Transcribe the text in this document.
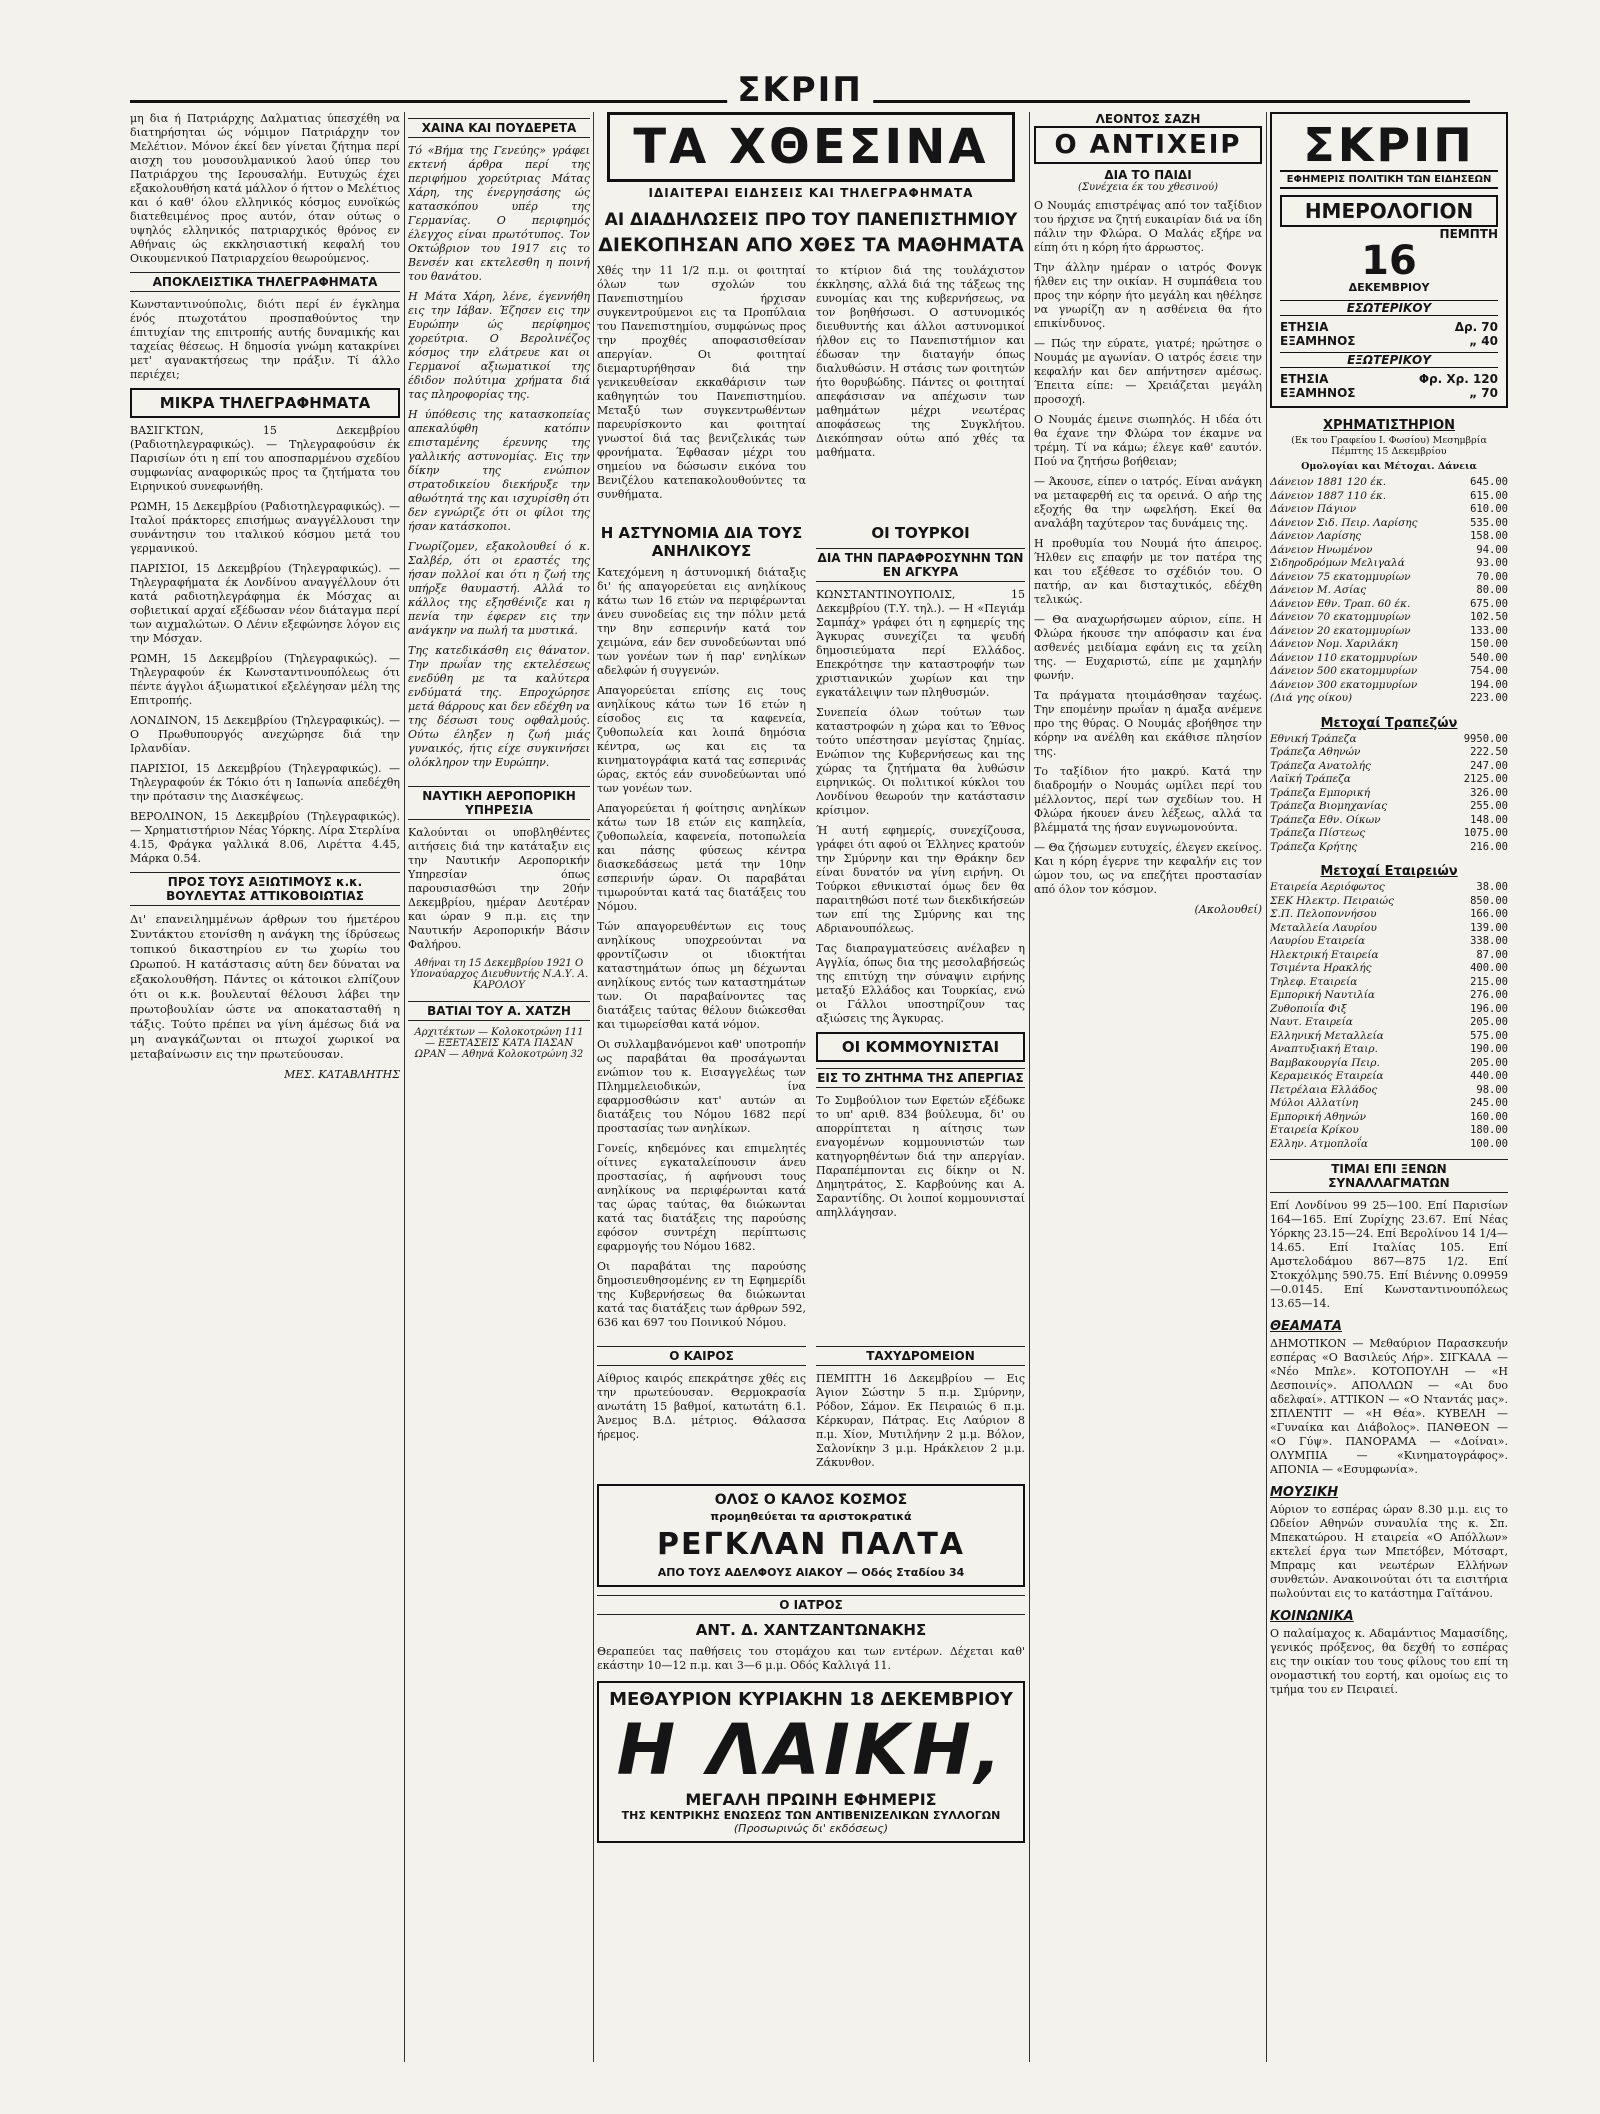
ΣΚΡΙΠ

μη δια ή Πατριάρχης Δαλματιας ύπεσχέθη να διατηρήσηται ώς νόμιμον Πατριάρχην τον Μελέτιον. Μόνον έκεί δεν γίνεται ζήτημα περί αισχη του μουσουλμανικού λαού ύπερ του Πατριάρχου της Ιερουσαλήμ. Ευτυχώς έχει εξακολουθήση κατά μάλλον ό ήττον ο Μελέτιος και ό καθ' όλου ελληνικός κόσμος ευνοϊκώς διατεθειμένος προς αυτόν, όταν ούτως ο υψηλός ελληνικός πατριαρχικός θρόνος εν Αθήναις ώς εκκλησιαστική κεφαλή του Οικουμενικού Πατριαρχείου θεωρούμενος.

ΑΠΟΚΛΕΙΣΤΙΚΑ ΤΗΛΕΓΡΑΦΗΜΑΤΑ

Κωνσταντινούπολις, διότι περί έν έγκλημα ένός πτωχοτάτου προσπαθούντος την έπιτυχίαν της επιτροπής αυτής δυναμικής και ταχείας θέσεως. Η δημοσία γνώμη κατακρίνει μετ' αγανακτήσεως την πράξιν. Τί άλλο περιέχει;

ΜΙΚΡΑ ΤΗΛΕΓΡΑΦΗΜΑΤΑ

ΒΑΣΙΓΚΤΩΝ, 15 Δεκεμβρίου (Ραδιοτηλεγραφικώς). — Τηλεγραφούσιν έκ Παρισίων ότι η επί του αποσπαρμένου σχεδίου συμφωνίας αναφορικώς προς τα ζητήματα του Ειρηνικού συνεφωνήθη.

ΡΩΜΗ, 15 Δεκεμβρίου (Ραδιοτηλεγραφικώς). — Ιταλοί πράκτορες επισήμως αναγγέλλουσι την συνάντησιν του ιταλικού κόσμου μετά του γερμανικού.

ΠΑΡΙΣΙΟΙ, 15 Δεκεμβρίου (Τηλεγραφικώς). — Τηλεγραφήματα έκ Λονδίνου αναγγέλλουν ότι κατά ραδιοτηλεγράφημα έκ Μόσχας αι σοβιετικαί αρχαί εξέδωσαν νέον διάταγμα περί των αιχμαλώτων. Ο Λένιν εξεφώνησε λόγον εις την Μόσχαν.

ΡΩΜΗ, 15 Δεκεμβρίου (Τηλεγραφικώς). — Τηλεγραφούν έκ Κωνσταντινουπόλεως ότι πέντε άγγλοι άξιωματικοί εξελέγησαν μέλη της Επιτροπής.

ΛΟΝΔΙΝΟΝ, 15 Δεκεμβρίου (Τηλεγραφικώς). — Ο Πρωθυπουργός ανεχώρησε διά την Ιρλανδίαν.

ΠΑΡΙΣΙΟΙ, 15 Δεκεμβρίου (Τηλεγραφικώς). — Τηλεγραφούν έκ Τόκιο ότι η Ιαπωνία απεδέχθη την πρότασιν της Διασκέψεως.

ΒΕΡΟΛΙΝΟΝ, 15 Δεκεμβρίου (Τηλεγραφικώς). — Χρηματιστήριον Νέας Υόρκης. Λίρα Στερλίνα 4.15, Φράγκα γαλλικά 8.06, Λιρέττα 4.45, Μάρκα 0.54.

ΠΡΟΣ ΤΟΥΣ ΑΞΙΩΤΙΜΟΥΣ κ.κ. ΒΟΥΛΕΥΤΑΣ ΑΤΤΙΚΟΒΟΙΩΤΙΑΣ

Δι' επανειλημμένων άρθρων του ήμετέρου Συντάκτου ετονίσθη η ανάγκη της ίδρύσεως τοπικού δικαστηρίου εν τω χωρίω του Ωρωπού. Η κατάστασις αύτη δεν δύναται να εξακολουθήση. Πάντες οι κάτοικοι ελπίζουν ότι οι κ.κ. βουλευταί θέλουσι λάβει την πρωτοβουλίαν ώστε να αποκατασταθή η τάξις. Τούτο πρέπει να γίνη άμέσως διά να μη αναγκάζωνται οι πτωχοί χωρικοί να μεταβαίνωσιν εις την πρωτεύουσαν.

ΜΕΣ. ΚΑΤΑΒΛΗΤΗΣ
ΧΑΙΝΑ ΚΑΙ ΠΟΥΔΕΡΕΤΑ

Τό «Βήμα της Γενεύης» γράφει εκτενή άρθρα περί της περιφήμου χορεύτριας Μάτας Χάρη, της ένεργησάσης ώς κατασκόπου υπέρ της Γερμανίας. Ο περιφημός έλεγχος είναι πρωτότυπος. Τον Οκτώβριον του 1917 εις το Βενσέν και εκτελεσθη η ποινή του θανάτου.

Η Μάτα Χάρη, λένε, έγεννήθη εις την Ιάβαν. Έζησεν εις την Ευρώπην ώς περίφημος χορεύτρια. Ο Βερολινέζος κόσμος την ελάτρευε και οι Γερμανοί αξιωματικοί της έδιδον πολύτιμα χρήματα διά τας πληροφορίας της.

Η ύπόθεσις της κατασκοπείας απεκαλύφθη κατόπιν επισταμένης έρευνης της γαλλικής αστυνομίας. Εις την δίκην της ενώπιον στρατοδικείου διεκήρυξε την αθωότητά της και ισχυρίσθη ότι δεν εγνώριζε ότι οι φίλοι της ήσαν κατάσκοποι.

Γνωρίζομεν, εξακολουθεί ό κ. Σαλβέρ, ότι οι εραστές της ήσαν πολλοί και ότι η ζωή της υπήρξε θαυμαστή. Αλλά το κάλλος της εξησθένιζε και η πενία την έφερεν εις την ανάγκην να πωλή τα μυστικά.

Της κατεδικάσθη εις θάνατον. Την πρωΐαν της εκτελέσεως ενεδύθη με τα καλύτερα ενδύματά της. Επροχώρησε μετά θάρρους και δεν εδέχθη να της δέσωσι τους οφθαλμούς. Ούτω έληξεν η ζωή μιάς γυναικός, ήτις είχε συγκινήσει ολόκληρον την Ευρώπην.

ΝΑΥΤΙΚΗ ΑΕΡΟΠΟΡΙΚΗ ΥΠΗΡΕΣΙΑ

Καλούνται οι υποβληθέντες αιτήσεις διά την κατάταξιν εις την Ναυτικήν Αεροπορικήν Υπηρεσίαν όπως παρουσιασθώσι την 20ήν Δεκεμβρίου, ημέραν Δευτέραν και ώραν 9 π.μ. εις την Ναυτικήν Αεροπορικήν Βάσιν Φαλήρου.

Αθήναι τη 15 Δεκεμβρίου 1921 Ο Υποναύαρχος Διευθυντής Ν.Α.Υ. Α. ΚΑΡΟΛΟΥ
ΒΑΤΙΑΙ ΤΟΥ Α. ΧΑΤΖΗ
Αρχιτέκτων — Κολοκοτρώνη 111 — ΕΞΕΤΑΣΕΙΣ ΚΑΤΑ ΠΑΣΑΝ ΩΡΑΝ — Αθηνά Κολοκοτρώνη 32
ΤΑ ΧΘΕΣΙΝΑ
ΙΔΙΑΙΤΕΡΑΙ ΕΙΔΗΣΕΙΣ ΚΑΙ ΤΗΛΕΓΡΑΦΗΜΑΤΑ
ΑΙ ΔΙΑΔΗΛΩΣΕΙΣ ΠΡΟ ΤΟΥ ΠΑΝΕΠΙΣΤΗΜΙΟΥ
ΔΙΕΚΟΠΗΣΑΝ ΑΠΟ ΧΘΕΣ ΤΑ ΜΑΘΗΜΑΤΑ

Χθές την 11 1/2 π.μ. οι φοιτηταί όλων των σχολών του Πανεπιστημίου ήρχισαν συγκεντρούμενοι εις τα Προπύλαια του Πανεπιστημίου, συμφώνως προς την προχθές αποφασισθείσαν απεργίαν. Οι φοιτηταί διεμαρτυρήθησαν διά την γενικευθείσαν εκκαθάρισιν των καθηγητών του Πανεπιστημίου. Μεταξύ των συγκεντρωθέντων παρευρίσκοντο και φοιτηταί γνωστοί διά τας βενιζελικάς των φρονήματα. Έφθασαν μέχρι του σημείου να δώσωσιν εικόνα του Βενιζέλου κατεπακολουθούντες τα συνθήματα.

το κτίριον διά της τουλάχιστον έκκλησης, αλλά διά της τάξεως της ευνομίας και της κυβερνήσεως, να τον βοηθήσωσι. Ο αστυνομικός διευθυντής και άλλοι αστυνομικοί ήλθον εις το Πανεπιστήμιον και έδωσαν την διαταγήν όπως διαλυθώσιν. Η στάσις των φοιτητών ήτο θορυβώδης. Πάντες οι φοιτηταί απεφάσισαν να απέχωσιν των μαθημάτων μέχρι νεωτέρας αποφάσεως της Συγκλήτου. Διεκόπησαν ούτω από χθές τα μαθήματα.

Η ΑΣΤΥΝΟΜΙΑ ΔΙΑ ΤΟΥΣ ΑΝΗΛΙΚΟΥΣ

Κατεχόμενη η άστυνομική διάταξις δι' ής απαγορεύεται εις ανηλίκους κάτω των 16 ετών να περιφέρωνται άνευ συνοδείας εις την πόλιν μετά την 8ην εσπερινήν κατά τον χειμώνα, εάν δεν συνοδεύωνται υπό των γονέων των ή παρ' ενηλίκων αδελφών ή συγγενών.

Απαγορεύεται επίσης εις τους ανηλίκους κάτω των 16 ετών η είσοδος εις τα καφενεία, ζυθοπωλεία και λοιπά δημόσια κέντρα, ως και εις τα κινηματογράφια κατά τας εσπερινάς ώρας, εκτός εάν συνοδεύωνται υπό των γονέων των.

Απαγορεύεται ή φοίτησις ανηλίκων κάτω των 18 ετών εις καπηλεία, ζυθοπωλεία, καφενεία, ποτοπωλεία και πάσης φύσεως κέντρα διασκεδάσεως μετά την 10ην εσπερινήν ώραν. Οι παραβάται τιμωρούνται κατά τας διατάξεις του Νόμου.

Τών απαγορευθέντων εις τους ανηλίκους υποχρεούνται να φροντίζωσιν οι ιδιοκτήται καταστημάτων όπως μη δέχωνται ανηλίκους εντός των καταστημάτων των. Οι παραβαίνοντες τας διατάξεις ταύτας θέλουν διώκεσθαι και τιμωρείσθαι κατά νόμον.

Οι συλλαμβανόμενοι καθ' υποτροπήν ως παραβάται θα προσάγωνται ενώπιον του κ. Εισαγγελέως των Πλημμελειοδικών, ίνα εφαρμοσθώσιν κατ' αυτών αι διατάξεις του Νόμου 1682 περί προστασίας των ανηλίκων.

Γονείς, κηδεμόνες και επιμελητές οίτινες εγκαταλείπουσιν άνευ προστασίας, ή αφήνουσι τους ανηλίκους να περιφέρωνται κατά τας ώρας ταύτας, θα διώκωνται κατά τας διατάξεις της παρούσης εφόσον συντρέχη περίπτωσις εφαρμογής του Νόμου 1682.

Οι παραβάται της παρούσης δημοσιευθησομένης εν τη Εφημερίδι της Κυβερνήσεως θα διώκωνται κατά τας διατάξεις των άρθρων 592, 636 και 697 του Ποινικού Νόμου.

ΟΙ ΤΟΥΡΚΟΙ
ΔΙΑ ΤΗΝ ΠΑΡΑΦΡΟΣΥΝΗΝ ΤΩΝ ΕΝ ΑΓΚΥΡΑ

ΚΩΝΣΤΑΝΤΙΝΟΥΠΟΛΙΣ, 15 Δεκεμβρίου (Τ.Υ. τηλ.). — Η «Πεγιάμ Σαμπάχ» γράφει ότι η εφημερίς της Άγκυρας συνεχίζει τα ψευδή δημοσιεύματα περί Ελλάδος. Επεκρότησε την καταστροφήν των χριστιανικών χωρίων και την εγκατάλειψιν των πληθυσμών.

Συνεπεία όλων τούτων των καταστροφών η χώρα και το Έθνος τούτο υπέστησαν μεγίστας ζημίας. Ενώπιον της Κυβερνήσεως και της χώρας τα ζητήματα θα λυθώσιν ειρηνικώς. Οι πολιτικοί κύκλοι του Λονδίνου θεωρούν την κατάστασιν κρίσιμον.

Ή αυτή εφημερίς, συνεχίζουσα, γράφει ότι αφού οι Έλληνες κρατούν την Σμύρνην και την Θράκην δεν είναι δυνατόν να γίνη ειρήνη. Οι Τούρκοι εθνικισταί όμως δεν θα παραιτηθώσι ποτέ των διεκδικήσεών των επί της Σμύρνης και της Αδριανουπόλεως.

Τας διαπραγματεύσεις ανέλαβεν η Αγγλία, όπως δια της μεσολαβήσεώς της επιτύχη την σύναψιν ειρήνης μεταξύ Ελλάδος και Τουρκίας, ενώ οι Γάλλοι υποστηρίζουν τας αξιώσεις της Άγκυρας.

ΟΙ ΚΟΜΜΟΥΝΙΣΤΑΙ
ΕΙΣ ΤΟ ΖΗΤΗΜΑ ΤΗΣ ΑΠΕΡΓΙΑΣ

Το Συμβούλιον των Εφετών εξέδωκε το υπ' αριθ. 834 βούλευμα, δι' ου απορρίπτεται η αίτησις των εναγομένων κομμουνιστών των κατηγορηθέντων διά την απεργίαν. Παραπέμπονται εις δίκην οι Ν. Δημητράτος, Σ. Καρβούνης και Α. Σαραντίδης. Οι λοιποί κομμουνισταί απηλλάγησαν.

Ο ΚΑΙΡΟΣ

Αίθριος καιρός επεκράτησε χθές εις την πρωτεύουσαν. Θερμοκρασία ανωτάτη 15 βαθμοί, κατωτάτη 6.1. Άνεμος Β.Δ. μέτριος. Θάλασσα ήρεμος.

ΤΑΧΥΔΡΟΜΕΙΟΝ

ΠΕΜΠΤΗ 16 Δεκεμβρίου — Εις Άγιον Σώστην 5 π.μ. Σμύρνην, Ρόδον, Σάμον. Εκ Πειραιώς 6 π.μ. Κέρκυραν, Πάτρας. Εις Λαύριον 8 π.μ. Χίον, Μυτιλήνην 2 μ.μ. Βόλον, Σαλονίκην 3 μ.μ. Ηράκλειον 2 μ.μ. Ζάκυνθον.

ΟΛΟΣ Ο ΚΑΛΟΣ ΚΟΣΜΟΣ
προμηθεύεται τα αριστοκρατικά
ΡΕΓΚΛΑΝ ΠΑΛΤΑ
ΑΠΟ ΤΟΥΣ ΑΔΕΛΦΟΥΣ ΑΙΑΚΟΥ — Οδός Σταδίου 34
Ο ΙΑΤΡΟΣ
ΑΝΤ. Δ. ΧΑΝΤΖΑΝΤΩΝΑΚΗΣ

Θεραπεύει τας παθήσεις του στομάχου και των εντέρων. Δέχεται καθ' εκάστην 10—12 π.μ. και 3—6 μ.μ. Οδός Καλλιγά 11.

ΜΕΘΑΥΡΙΟΝ ΚΥΡΙΑΚΗΝ 18 ΔΕΚΕΜΒΡΙΟΥ
Η ΛΑΙΚΗ,
ΜΕΓΑΛΗ ΠΡΩΙΝΗ ΕΦΗΜΕΡΙΣ
ΤΗΣ ΚΕΝΤΡΙΚΗΣ ΕΝΩΣΕΩΣ ΤΩΝ ΑΝΤΙΒΕΝΙΖΕΛΙΚΩΝ ΣΥΛΛΟΓΩΝ
(Προσωρινώς δι' εκδόσεως)
ΛΕΟΝΤΟΣ ΣΑΖΗ
Ο ΑΝΤΙΧΕΙΡ
ΔΙΑ ΤΟ ΠΑΙΔΙ
(Συνέχεια έκ του χθεσινού)

Ο Νουμάς επιστρέψας από τον ταξίδιον του ήρχισε να ζητή ευκαιρίαν διά να ίδη πάλιν την Φλώρα. Ο Μαλάς εξήρε να είπη ότι η κόρη ήτο άρρωστος.

Την άλλην ημέραν ο ιατρός Φονγκ ήλθεν εις την οικίαν. Η συμπάθεια του προς την κόρην ήτο μεγάλη και ηθέλησε να γνωρίζη αν η ασθένεια θα ήτο επικίνδυνος.

— Πώς την εύρατε, γιατρέ; ηρώτησε ο Νουμάς με αγωνίαν. Ο ιατρός έσειε την κεφαλήν και δεν απήντησεν αμέσως. Έπειτα είπε: — Χρειάζεται μεγάλη προσοχή.

Ο Νουμάς έμεινε σιωπηλός. Η ιδέα ότι θα έχανε την Φλώρα τον έκαμνε να τρέμη. Τί να κάμω; έλεγε καθ' εαυτόν. Πού να ζητήσω βοήθειαν;

— Άκουσε, είπεν ο ιατρός. Είναι ανάγκη να μεταφερθή εις τα ορεινά. Ο αήρ της εξοχής θα την ωφελήση. Εκεί θα αναλάβη ταχύτερον τας δυνάμεις της.

Η προθυμία του Νουμά ήτο άπειρος. Ήλθεν εις επαφήν με τον πατέρα της και του εξέθεσε το σχέδιόν του. Ο πατήρ, αν και δισταχτικός, εδέχθη τελικώς.

— Θα αναχωρήσωμεν αύριον, είπε. Η Φλώρα ήκουσε την απόφασιν και ένα ασθενές μειδίαμα εφάνη εις τα χείλη της. — Ευχαριστώ, είπε με χαμηλήν φωνήν.

Τα πράγματα ητοιμάσθησαν ταχέως. Την επομένην πρωΐαν η άμαξα ανέμενε προ της θύρας. Ο Νουμάς εβοήθησε την κόρην να ανέλθη και εκάθισε πλησίον της.

Το ταξίδιον ήτο μακρύ. Κατά την διαδρομήν ο Νουμάς ωμίλει περί του μέλλοντος, περί των σχεδίων του. Η Φλώρα ήκουεν άνευ λέξεως, αλλά τα βλέμματά της ήσαν ευγνωμονούντα.

— Θα ζήσωμεν ευτυχείς, έλεγεν εκείνος. Και η κόρη έγερνε την κεφαλήν εις τον ώμον του, ως να επεζήτει προστασίαν από όλον τον κόσμον.

(Ακολουθεί)
ΣΚΡΙΠ
ΕΦΗΜΕΡΙΣ ΠΟΛΙΤΙΚΗ ΤΩΝ ΕΙΔΗΣΕΩΝ
ΗΜΕΡΟΛΟΓΙΟΝ
ΠΕΜΠΤΗ
16
ΔΕΚΕΜΒΡΙΟΥ
ΕΣΩΤΕΡΙΚΟΥ
ΕΤΗΣΙΑ	Δρ. 70
ΕΞΑΜΗΝΟΣ	„ 40
ΕΞΩΤΕΡΙΚΟΥ
ΕΤΗΣΙΑ	Φρ. Χρ. 120
ΕΞΑΜΗΝΟΣ	„ 70
ΧΡΗΜΑΤΙΣΤΗΡΙΟΝ
(Εκ του Γραφείου Ι. Φωσίου) Μεσημβρία Πέμπτης 15 Δεκεμβρίου
Ομολογίαι και Μέτοχαι. Δάνεια
Δάνειον 1881 120 έκ.	645.00
Δάνειον 1887 110 έκ.	615.00
Δάνειον Πάγιον	610.00
Δάνειον Σιδ. Πειρ. Λαρίσης	535.00
Δάνειον Λαρίσης	158.00
Δάνειον Ηνωμένον	94.00
Σιδηροδρόμων Μελιγαλά	93.00
Δάνειον 75 εκατομμυρίων	70.00
Δάνειον Μ. Ασίας	80.00
Δάνειον Εθν. Τραπ. 60 έκ.	675.00
Δάνειον 70 εκατομμυρίων	102.50
Δάνειον 20 εκατομμυρίων	133.00
Δάνειον Νομ. Χαριλάκη	150.00
Δάνειον 110 εκατομμυρίων	540.00
Δάνειον 500 εκατομμυρίων	754.00
Δάνειον 300 εκατομμυρίων	194.00
(Διά γης οίκου)	223.00
Μετοχαί Τραπεζών
Εθνική Τράπεζα	9950.00
Τράπεζα Αθηνών	222.50
Τράπεζα Ανατολής	247.00
Λαϊκή Τράπεζα	2125.00
Τράπεζα Εμπορική	326.00
Τράπεζα Βιομηχανίας	255.00
Τράπεζα Εθν. Οίκων	148.00
Τράπεζα Πίστεως	1075.00
Τράπεζα Κρήτης	216.00
Μετοχαί Εταιρειών
Εταιρεία Αεριόφωτος	38.00
ΣΕΚ Ηλεκτρ. Πειραιώς	850.00
Σ.Π. Πελοποννήσου	166.00
Μεταλλεία Λαυρίου	139.00
Λαυρίου Εταιρεία	338.00
Ηλεκτρική Εταιρεία	87.00
Τσιμέντα Ηρακλής	400.00
Τηλεφ. Εταιρεία	215.00
Εμπορική Ναυτιλία	276.00
Ζυθοποιΐα Φιξ	196.00
Ναυτ. Εταιρεία	205.00
Ελληνική Μεταλλεία	575.00
Αναπτυξιακή Εταιρ.	190.00
Βαμβακουργία Πειρ.	205.00
Κεραμεικός Εταιρεία	440.00
Πετρέλαια Ελλάδος	98.00
Μύλοι Αλλατίνη	245.00
Εμπορική Αθηνών	160.00
Εταιρεία Κρίκου	180.00
Ελλην. Ατμοπλοΐα	100.00
ΤΙΜΑΙ ΕΠΙ ΞΕΝΩΝ ΣΥΝΑΛΛΑΓΜΑΤΩΝ

Επί Λονδίνου 99 25—100. Επί Παρισίων 164—165. Επί Ζυρίχης 23.67. Επί Νέας Υόρκης 23.15—24. Επί Βερολίνου 14 1/4—14.65. Επί Ιταλίας 105. Επί Αμστελοδάμου 867—875 1/2. Επί Στοκχόλμης 590.75. Επί Βιέννης 0.09959—0.0145. Επί Κωνσταντινουπόλεως 13.65—14.

ΘΕΑΜΑΤΑ

ΔΗΜΟΤΙΚΟΝ — Μεθαύριον Παρασκευήν εσπέρας «Ο Βασιλεύς Λήρ». ΣΙΓΚΑΛΑ — «Νέο Μπλε». ΚΟΤΟΠΟΥΛΗ — «Η Δεσποινίς». ΑΠΟΛΛΩΝ — «Αι δυο αδελφαί». ΑΤΤΙΚΟΝ — «Ο Νταντάς μας». ΣΠΛΕΝΤΙΤ — «Η Θέα». ΚΥΒΕΛΗ — «Γυναίκα και Διάβολος». ΠΑΝΘΕΟΝ — «Ο Γύψ». ΠΑΝΟΡΑΜΑ — «Δοίναι». ΟΛΥΜΠΙΑ — «Κινηματογράφος». ΑΠΟΝΙΑ — «Εσυμφωνία».

ΜΟΥΣΙΚΗ

Αύριον το εσπέρας ώραν 8.30 μ.μ. εις το Ωδείον Αθηνών συναυλία της κ. Σπ. Μπεκατώρου. Η εταιρεία «Ο Απόλλων» εκτελεί έργα των Μπετόβεν, Μότσαρτ, Μπραμς και νεωτέρων Ελλήνων συνθετών. Ανακοινούται ότι τα εισιτήρια πωλούνται εις το κατάστημα Γαϊτάνου.

ΚΟΙΝΩΝΙΚΑ

Ο παλαίμαχος κ. Αδαμάντιος Μαμασίδης, γενικός πρόξενος, θα δεχθή το εσπέρας εις την οικίαν του τους φίλους του επί τη ονομαστική του εορτή, και ομοίως εις το τμήμα του εν Πειραιεί.
